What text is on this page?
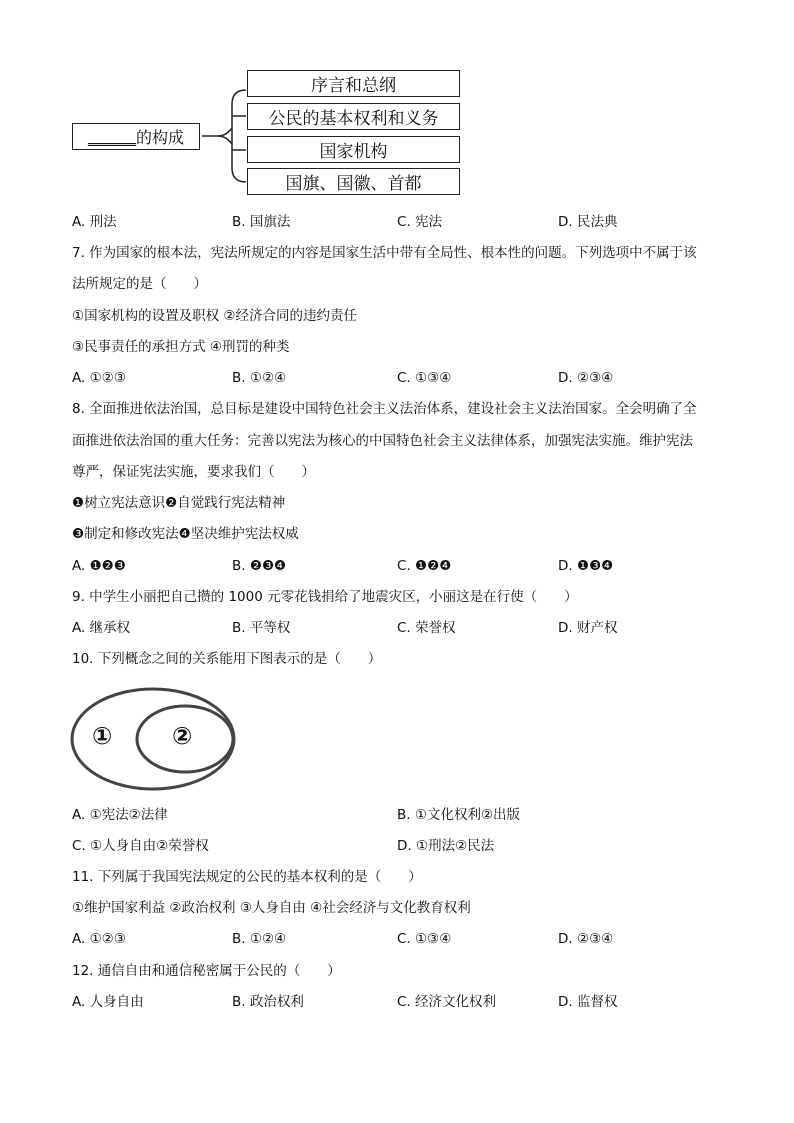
______ 的构成
序言和总纲
公民的基本权利和义务
国家机构
国旗、国徽、首都
A. 刑法	B. 国旗法	C. 宪法	D. 民法典
7. 作为国家的根本法，宪法所规定的内容是国家生活中带有全局性、根本性的问题。下列选项中不属于该
法所规定的是（　　）
①国家机构的设置及职权 ②经济合同的违约责任
③民事责任的承担方式 ④刑罚的种类
A. ①②③	B. ①②④	C. ①③④	D. ②③④
8. 全面推进依法治国，总目标是建设中国特色社会主义法治体系，建设社会主义法治国家。全会明确了全
面推进依法治国的重大任务：完善以宪法为核心的中国特色社会主义法律体系，加强宪法实施。维护宪法
尊严，保证宪法实施，要求我们（　　）
❶树立宪法意识❷自觉践行宪法精神
❸制定和修改宪法❹坚决维护宪法权威
A. ❶❷❸	B. ❷❸❹	C. ❶❷❹	D. ❶❸❹
9. 中学生小丽把自己攒的 1000 元零花钱捐给了地震灾区，小丽这是在行使（　　）
A. 继承权	B. 平等权	C. 荣誉权	D. 财产权
10. 下列概念之间的关系能用下图表示的是（　　）
① ②
A. ①宪法②法律	B. ①文化权利②出版
C. ①人身自由②荣誉权	D. ①刑法②民法
11. 下列属于我国宪法规定的公民的基本权利的是（　　）
①维护国家利益 ②政治权利 ③人身自由 ④社会经济与文化教育权利
A. ①②③	B. ①②④	C. ①③④	D. ②③④
12. 通信自由和通信秘密属于公民的（　　）
A. 人身自由	B. 政治权利	C. 经济文化权利	D. 监督权
